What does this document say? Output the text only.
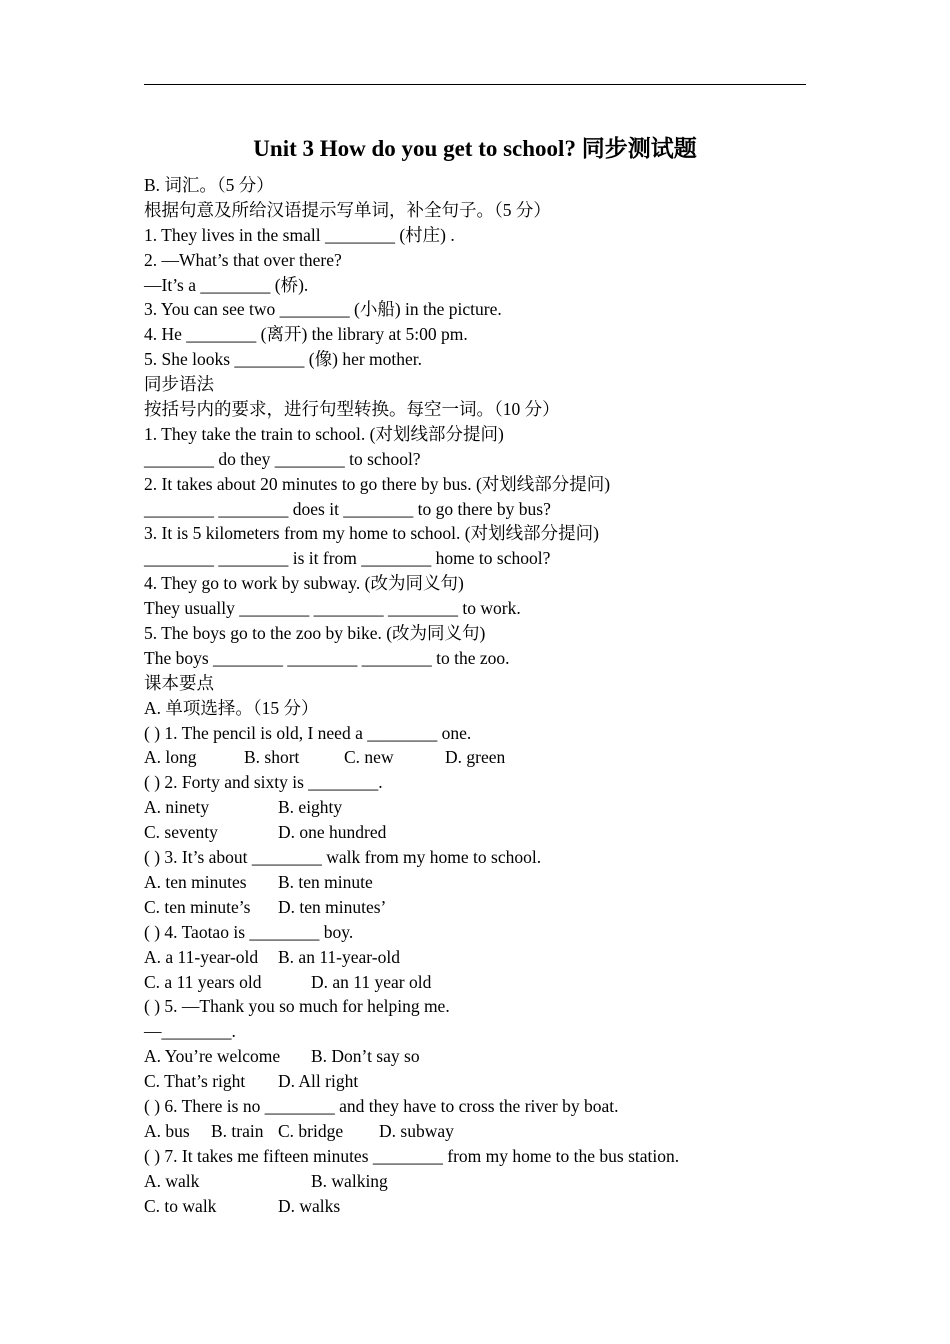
Unit 3 How do you get to school? 同步测试题
B. 词汇。（5 分）
根据句意及所给汉语提示写单词，补全句子。（5 分）
1. They lives in the small ________ (村庄) .
2. —What’s that over there?
—It’s a ________ (桥).
3. You can see two ________ (小船) in the picture.
4. He ________ (离开) the library at 5:00 pm.
5. She looks ________ (像) her mother.
同步语法
按括号内的要求，进行句型转换。每空一词。（10 分）
1. They take the train to school. (对划线部分提问)
________ do they ________ to school?
2. It takes about 20 minutes to go there by bus. (对划线部分提问)
________ ________ does it ________ to go there by bus?
3. It is 5 kilometers from my home to school. (对划线部分提问)
________ ________ is it from ________ home to school?
4. They go to work by subway. (改为同义句)
They usually ________ ________ ________ to work.
5. The boys go to the zoo by bike. (改为同义句)
The boys ________ ________ ________ to the zoo.
课本要点
A. 单项选择。（15 分）
( ) 1. The pencil is old, I need a ________ one.
A. long	B. short	C. new	D. green
( ) 2. Forty and sixty is ________.
A. ninety	B. eighty
C. seventy	D. one hundred
( ) 3. It’s about ________ walk from my home to school.
A. ten minutes	B. ten minute
C. ten minute’s	D. ten minutes’
( ) 4. Taotao is ________ boy.
A. a 11-year-old	B. an 11-year-old
C. a 11 years old	D. an 11 year old
( ) 5. —Thank you so much for helping me.
—________.
A. You’re welcome	B. Don’t say so
C. That’s right	D. All right
( ) 6. There is no ________ and they have to cross the river by boat.
A. bus	B. train C. bridge	D. subway
( ) 7. It takes me fifteen minutes ________ from my home to the bus station.
A. walk	B. walking
C. to walk	D. walks
